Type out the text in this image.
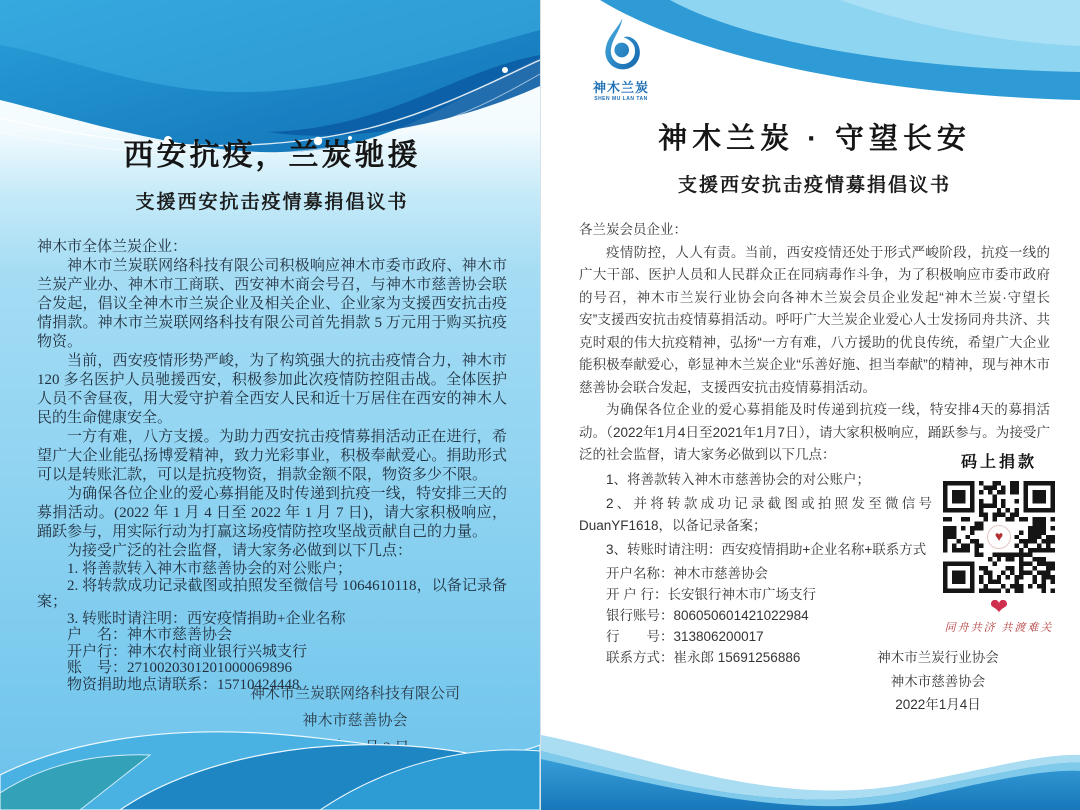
西安抗疫，兰炭驰援
支援西安抗击疫情募捐倡议书

神木市全体兰炭企业：

神木市兰炭联网络科技有限公司积极响应神木市委市政府、神木市兰炭产业办、神木市工商联、西安神木商会号召，与神木市慈善协会联合发起，倡议全神木市兰炭企业及相关企业、企业家为支援西安抗击疫情捐款。神木市兰炭联网络科技有限公司首先捐款 5 万元用于购买抗疫物资。

当前，西安疫情形势严峻，为了构筑强大的抗击疫情合力，神木市 120 多名医护人员驰援西安，积极参加此次疫情防控阻击战。全体医护人员不舍昼夜，用大爱守护着全西安人民和近十万居住在西安的神木人民的生命健康安全。

一方有难，八方支援。为助力西安抗击疫情募捐活动正在进行，希望广大企业能弘扬博爱精神，致力光彩事业，积极奉献爱心。捐助形式可以是转账汇款，可以是抗疫物资，捐款金额不限，物资多少不限。

为确保各位企业的爱心募捐能及时传递到抗疫一线，特安排三天的募捐活动。(2022 年 1 月 4 日至 2022 年 1 月 7 日)，请大家积极响应，踊跃参与，用实际行动为打赢这场疫情防控攻坚战贡献自己的力量。

为接受广泛的社会监督，请大家务必做到以下几点：

1. 将善款转入神木市慈善协会的对公账户；

2. 将转款成功记录截图或拍照发至微信号 1064610118，以备记录备案；

3. 转账时请注明：西安疫情捐助+企业名称

户　名：神木市慈善协会

开户行：神木农村商业银行兴城支行

账　号：2710020301201000069896

物资捐助地点请联系：15710424448

神木市兰炭联网络科技有限公司
神木市慈善协会
神木兰炭
SHEN MU LAN TAN
神木兰炭 · 守望长安
支援西安抗击疫情募捐倡议书

各兰炭会员企业：

疫情防控，人人有责。当前，西安疫情还处于形式严峻阶段，抗疫一线的广大干部、医护人员和人民群众正在同病毒作斗争，为了积极响应市委市政府的号召，神木市兰炭行业协会向各神木兰炭会员企业发起“神木兰炭·守望长安”支援西安抗击疫情募捐活动。呼吁广大兰炭企业爱心人士发扬同舟共济、共克时艰的伟大抗疫精神，弘扬“一方有难，八方援助的优良传统，希望广大企业能积极奉献爱心，彰显神木兰炭企业“乐善好施、担当奉献”的精神，现与神木市慈善协会联合发起，支援西安抗击疫情募捐活动。

为确保各位企业的爱心募捐能及时传递到抗疫一线，特安排4天的募捐活动。（2022年1月4日至2021年1月7日），请大家积极响应，踊跃参与。为接受广泛的社会监督，请大家务必做到以下几点：

1、将善款转入神木市慈善协会的对公账户；

2、并将转款成功记录截图或拍照发至微信号DuanYF1618，以备记录备案；

3、转账时请注明：西安疫情捐助+企业名称+联系方式

开户名称：神木市慈善协会

开 户 行：长安银行神木市广场支行

银行账号：806050601421022984

行　　号：313806200017

联系方式：崔永郎 15691256886

码上捐款
♥
❤
同舟共济 共渡难关
神木市兰炭行业协会
神木市慈善协会
2022年1月4日
